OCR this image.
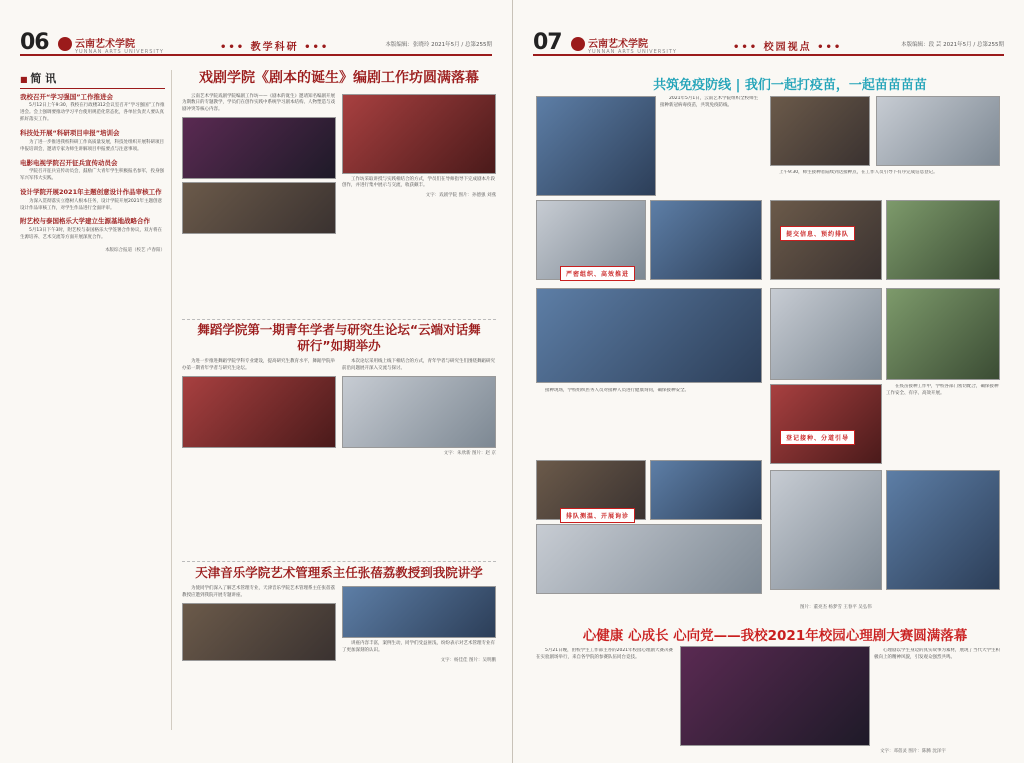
06	云南艺术学院
YUNNAN ARTS UNIVERSITY	••• 教学科研 •••	本版编辑：张晓玲 2021年5月 / 总第255期
■ 简 讯
我校召开“学习强国”工作推进会

5月12日上午9:30，我校在行政楼312会议室召开“学习强国”工作推进会。会上强调要推动学习平台使用规范化常态化，各单位负责人要认真抓好落实工作。

科技处开展“科研项目申报”培训会

为了进一步推进我校科研工作高质量发展，科技处组织开展科研项目申报培训会，邀请专家为师生讲解项目申报要点与注意事项。

电影电视学院召开征兵宣传动员会

学院召开征兵宣传动员会，鼓励广大青年学生积极报名参军，投身强军兴军伟大实践。

设计学院开展2021年主题创意设计作品审核工作

为深入贯彻落实立德树人根本任务，设计学院开展2021年主题创意设计作品审核工作，对学生作品进行全面评审。

附艺校与泰国格乐大学建立生源基地战略合作

5月13日下午3时，附艺校与泰国格乐大学签署合作协议，双方将在生源培养、艺术交流等方面开展深度合作。

本版综合报道（校艺 卢春阳）
戏剧学院《剧本的诞生》编剧工作坊圆满落幕

云南艺术学院戏剧学院编剧工作坊——《剧本的诞生》邀请知名编剧开展为期数日的专题教学，学员们在创作实践中系统学习剧本结构、人物塑造与戏剧冲突等核心内容。

工作坊采取讲授与实践相结合的方式，学员们在导师指导下完成剧本片段创作，并进行集中展示与交流，收获颇丰。

文字：戏剧学院 图片：孙德强 刘燕
舞蹈学院第一期青年学者与研究生论坛“云端对话舞研行”如期举办

为进一步推进舞蹈学院学科专业建设，提高研究生教育水平，舞蹈学院举办第一期青年学者与研究生论坛。

本次论坛采用线上线下相结合的方式，青年学者与研究生们围绕舞蹈研究前沿问题展开深入交流与探讨。

文字：朱欣新 图片：赵 京
天津音乐学院艺术管理系主任张蓓荔教授到我院讲学

为使同学们深入了解艺术管理专业，天津音乐学院艺术管理系主任张蓓荔教授应邀到我院开展专题讲座。

讲座内容丰富，案例生动，同学们受益匪浅，纷纷表示对艺术管理专业有了更加深刻的认识。

文字：杨佳佳 图片：吴明鹏
07	云南艺术学院
YUNNAN ARTS UNIVERSITY	••• 校园视点 •••	本版编辑：段 芸 2021年5月 / 总第255期
共筑免疫防线 | 我们一起打疫苗，一起苗苗苗苗

2021年5月1日，云南艺术学院组织全校师生接种新冠病毒疫苗，共筑免疫防线。

上午9:30，师生接种者陆续到达接种点，在工作人员引导下有序完成信息登记。

提交信息、预约排队
严密组织、高效推进

接种现场，学校组织医务人员对接种人员进行健康询问，确保接种安全。

排队测温、开展询诊
登记接种、分道引导

在疫苗接种工作中，学校各部门密切配合，确保接种工作安全、有序、高效开展。

图片：董亮杰 杨梦雪 王春平 吴弘伟
心健康 心成长 心向党——我校2021年校园心理剧大赛圆满落幕

5月21日晚，由校学生工作部主办的2021年校园心理剧大赛决赛在实验剧场举行，来自各学院的参赛队伍同台竞技。

心理剧以学生身边的真实故事为素材，展现了当代大学生积极向上的精神风貌，引发观众强烈共鸣。

文字：邓蓓灵 图片：陈腾 沈泽宇
